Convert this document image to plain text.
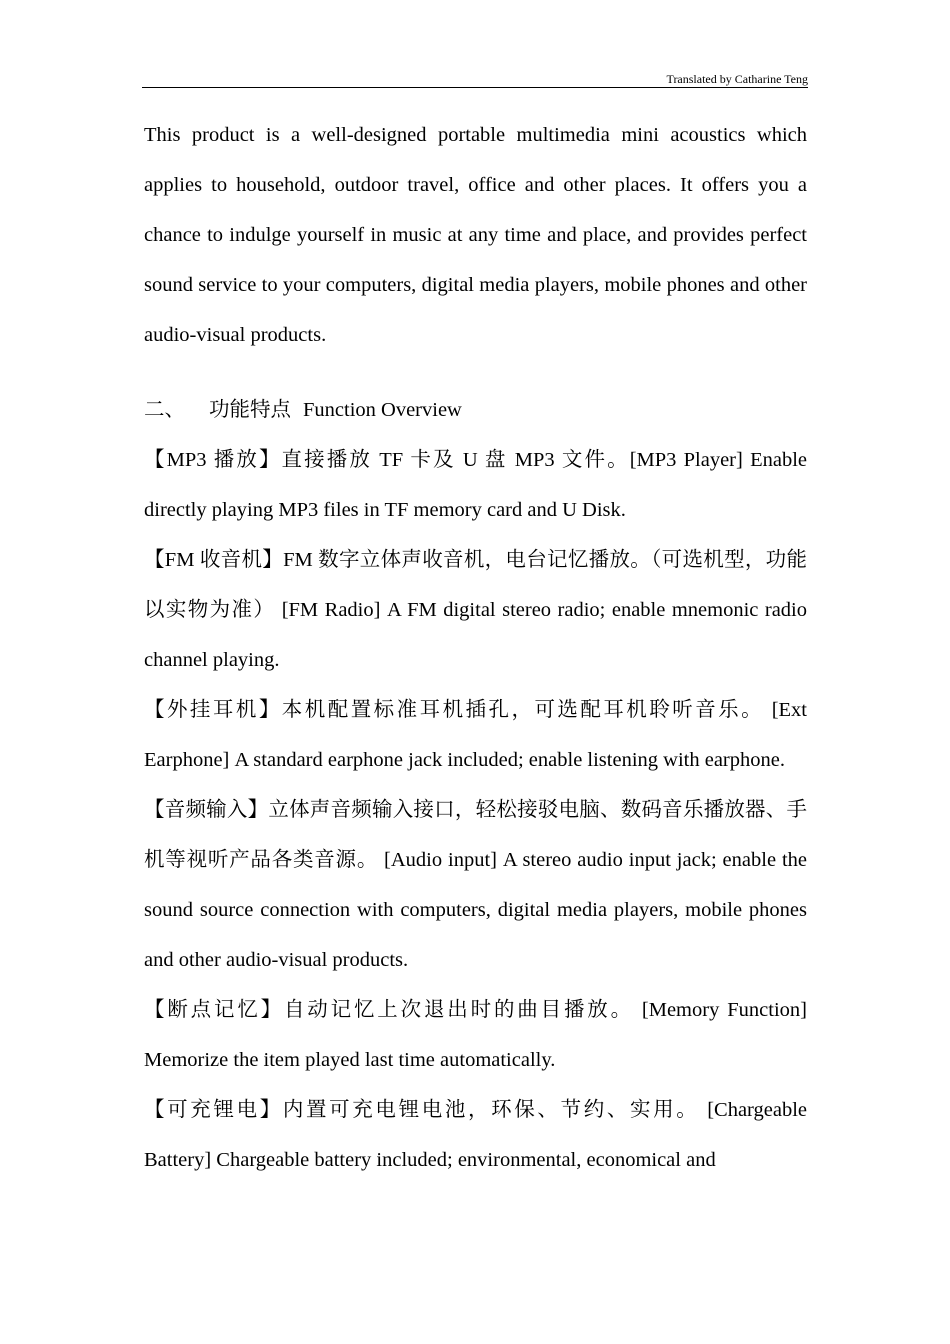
Translated by Catharine Teng

This product is a well-designed portable multimedia mini acoustics which applies to household, outdoor travel, office and other places. It offers you a chance to indulge yourself in music at any time and place, and provides perfect sound service to your computers, digital media players, mobile phones and other audio-visual products.

二、 功能特点 Function Overview

【MP3 播放】直接播放 TF 卡及 U 盘 MP3 文件。[MP3 Player] Enable directly playing MP3 files in TF memory card and U Disk.

【FM 收音机】FM 数字立体声收音机，电台记忆播放。（可选机型，功能以实物为准） [FM Radio] A FM digital stereo radio; enable mnemonic radio channel playing.

【外挂耳机】本机配置标准耳机插孔，可选配耳机聆听音乐。 [Ext Earphone] A standard earphone jack included; enable listening with earphone.

【音频输入】立体声音频输入接口，轻松接驳电脑、数码音乐播放器、手机等视听产品各类音源。 [Audio input] A stereo audio input jack; enable the sound source connection with computers, digital media players, mobile phones and other audio-visual products.

【断点记忆】自动记忆上次退出时的曲目播放。 [Memory Function] Memorize the item played last time automatically.

【可充锂电】内置可充电锂电池，环保、节约、实用。 [Chargeable Battery] Chargeable battery included; environmental, economical and
